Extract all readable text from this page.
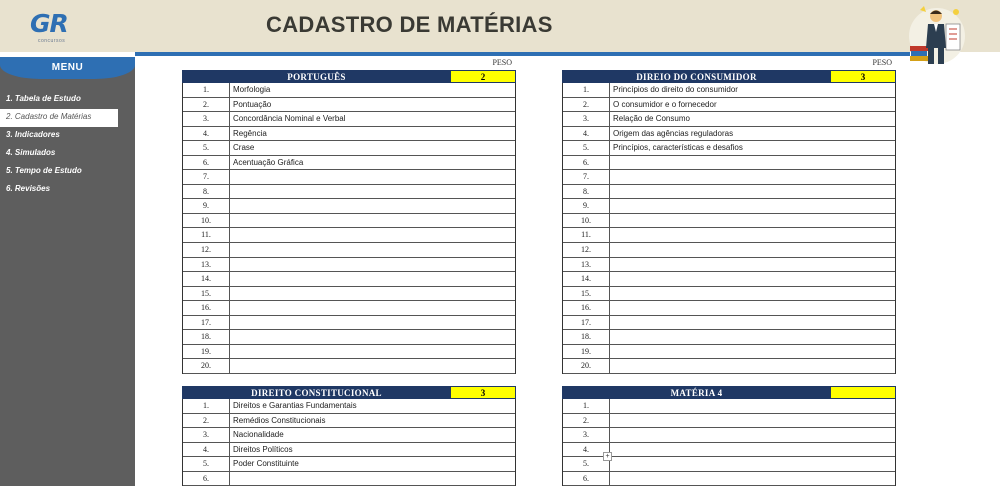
GR
concursos
CADASTRO DE MATÉRIAS
MENU
1. Tabela de Estudo
2. Cadastro de Matérias
3. Indicadores
4. Simulados
5. Tempo de Estudo
6. Revisões
PESO
PORTUGUÊS	2
1.	Morfologia
2.	Pontuação
3.	Concordância Nominal e Verbal
4.	Regência
5.	Crase
6.	Acentuação Gráfica
7.
8.
9.
10.
11.
12.
13.
14.
15.
16.
17.
18.
19.
20.
PESO
DIREIO DO CONSUMIDOR	3
1.	Princípios do direito do consumidor
2.	O consumidor e o fornecedor
3.	Relação de Consumo
4.	Origem das agências reguladoras
5.	Princípios, características e desafios
6.
7.
8.
9.
10.
11.
12.
13.
14.
15.
16.
17.
18.
19.
20.
DIREITO CONSTITUCIONAL	3
1.	Direitos e Garantias Fundamentais
2.	Remédios Constitucionais
3.	Nacionalidade
4.	Direitos Políticos
5.	Poder Constituinte
6.
MATÉRIA 4
1.
2.
3.
4.
5.
6.
+
